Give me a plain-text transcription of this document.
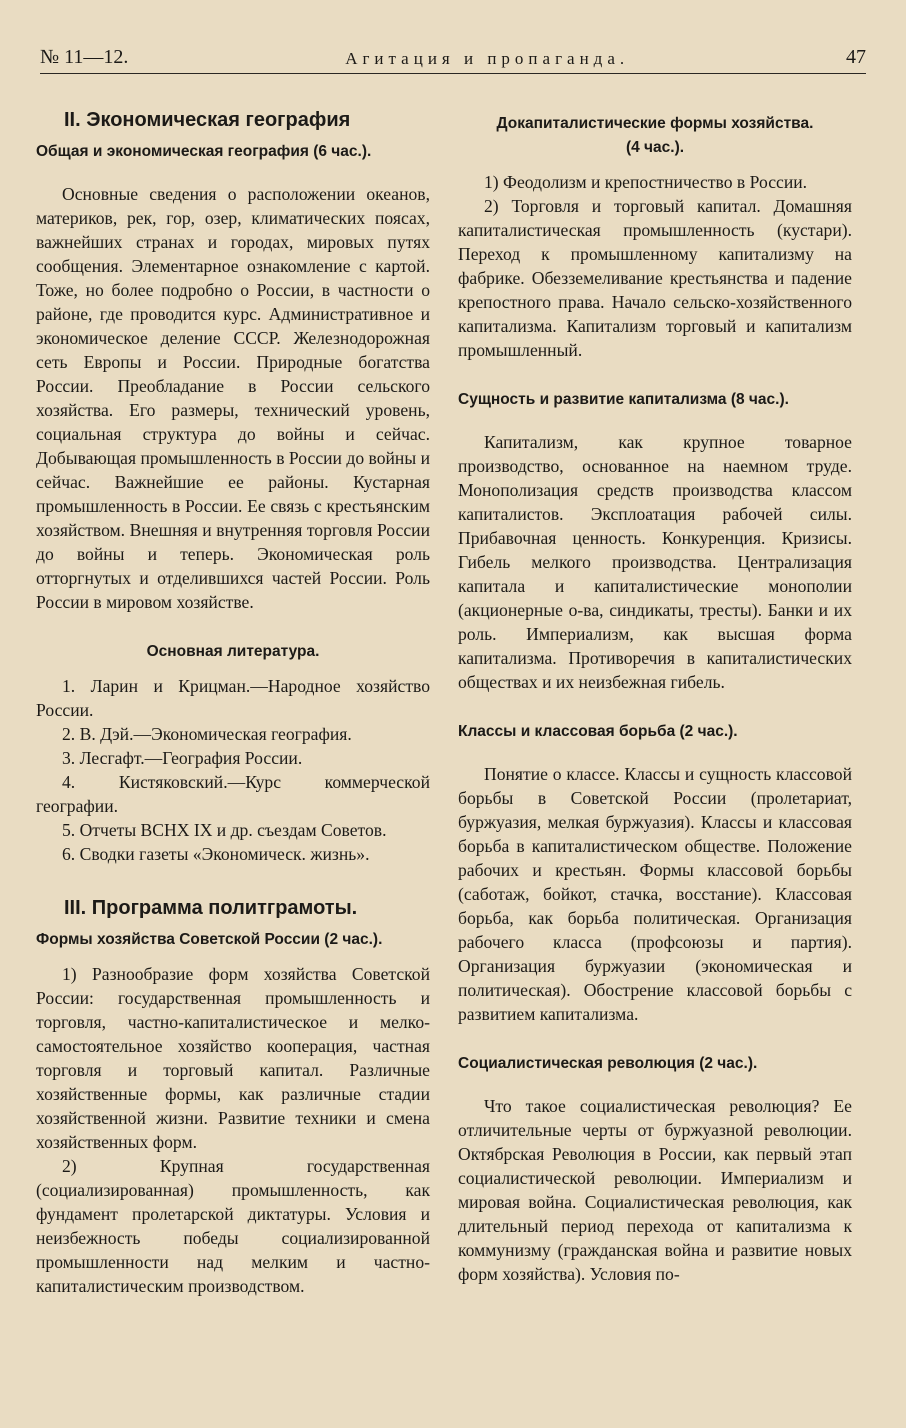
№ 11—12.	Агитация и пропаганда.	47
II. Экономическая география
Общая и экономическая география (6 час.).

Основные сведения о расположении океанов, материков, рек, гор, озер, климатических поясах, важнейших странах и городах, мировых путях сообщения. Элементарное ознакомление с картой. Тоже, но более подробно о России, в частности о районе, где проводится курс. Административное и экономическое деление СССР. Железнодорожная сеть Европы и России. Природные богатства России. Преобладание в России сельского хозяйства. Его размеры, технический уровень, социальная структура до войны и сейчас. Добывающая промышленность в России до войны и сейчас. Важнейшие ее районы. Кустарная промышленность в России. Ее связь с крестьянским хозяйством. Внешняя и внутренняя торговля России до войны и теперь. Экономическая роль отторгнутых и отделившихся частей России. Роль России в мировом хозяйстве.

Основная литература.

1. Ларин и Крицман.—Народное хозяйство России.

2. В. Дэй.—Экономическая география.

3. Лесгафт.—География России.

4. Кистяковский.—Курс коммерческой географии.

5. Отчеты ВСНХ IX и др. съездам Советов.

6. Сводки газеты «Экономическ. жизнь».

III. Программа политграмоты.
Формы хозяйства Советской России (2 час.).

1) Разнообразие форм хозяйства Советской России: государственная промышленность и торговля, частно-капиталистическое и мелко-самостоятельное хозяйство кооперация, частная торговля и торговый капитал. Различные хозяйственные формы, как различные стадии хозяйственной жизни. Развитие техники и смена хозяйственных форм.

2) Крупная государственная (социализированная) промышленность, как фундамент пролетарской диктатуры. Условия и неизбежность победы социализированной промышленности над мелким и частно-капиталистическим производством.

Докапиталистические формы хозяйства.
(4 час.).

1) Феодолизм и крепостничество в России.

2) Торговля и торговый капитал. Домашняя капиталистическая промышленность (кустари). Переход к промышленному капитализму на фабрике. Обезземеливание крестьянства и падение крепостного права. Начало сельско-хозяйственного капитализма. Капитализм торговый и капитализм промышленный.

Сущность и развитие капитализма (8 час.).

Капитализм, как крупное товарное производство, основанное на наемном труде. Монополизация средств производства классом капиталистов. Эксплоатация рабочей силы. Прибавочная ценность. Конкуренция. Кризисы. Гибель мелкого производства. Централизация капитала и капиталистические монополии (акционерные о-ва, синдикаты, тресты). Банки и их роль. Империализм, как высшая форма капитализма. Противоречия в капиталистических обществах и их неизбежная гибель.

Классы и классовая борьба (2 час.).

Понятие о классе. Классы и сущность классовой борьбы в Советской России (пролетариат, буржуазия, мелкая буржуазия). Классы и классовая борьба в капиталистическом обществе. Положение рабочих и крестьян. Формы классовой борьбы (саботаж, бойкот, стачка, восстание). Классовая борьба, как борьба политическая. Организация рабочего класса (профсоюзы и партия). Организация буржуазии (экономическая и политическая). Обострение классовой борьбы с развитием капитализма.

Социалистическая революция (2 час.).

Что такое социалистическая революция? Ее отличительные черты от буржуазной революции. Октябрская Революция в России, как первый этап социалистической революции. Империализм и мировая война. Социалистическая революция, как длительный период перехода от капитализма к коммунизму (гражданская война и развитие новых форм хозяйства). Условия по-
